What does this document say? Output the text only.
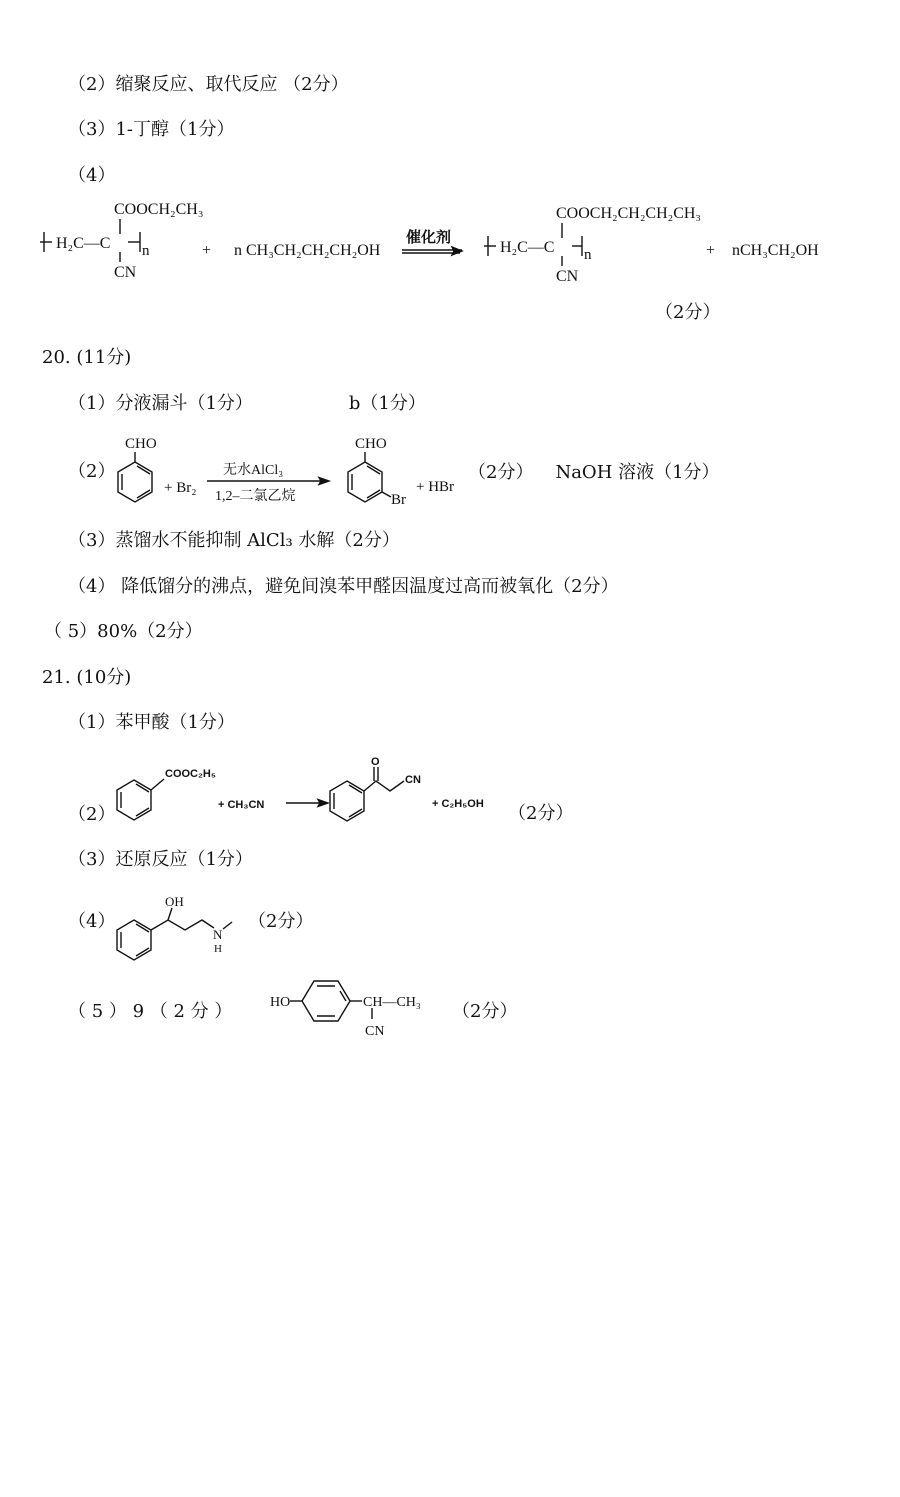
（2）缩聚反应、取代反应 （2分）
（3）1-丁醇（1分）
（4）
COOCH₂CH₃
H₂C—C n
CN
+ n CH₃CH₂CH₂CH₂OH
催化剂
COOCH₂CH₂CH₂CH₃
H₂C—C n
CN
+ nCH₃CH₂OH
（2分）
20. (11分)
（1）分液漏斗（1分）	b（1分）
（2）
CHO
+ Br₂
无水AlCl₃
1,2–二氯乙烷
CHO
Br
+ HBr
（2分） NaOH 溶液（1分）
（3）蒸馏水不能抑制 AlCl₃ 水解（2分）
（4） 降低馏分的沸点，避免间溴苯甲醛因温度过高而被氧化（2分）
（ 5）80%（2分）
21. (10分)
（1）苯甲酸（1分）
（2）
COOC₂H₅
+ CH₃CN
O
CN
+ C₂H₅OH （2分）
（3）还原反应（1分）
（4）
OH
N
H
（2分）
（ 5 ） 9 （ 2 分 ）	HO	CH—CH₃
CN
（2分）
